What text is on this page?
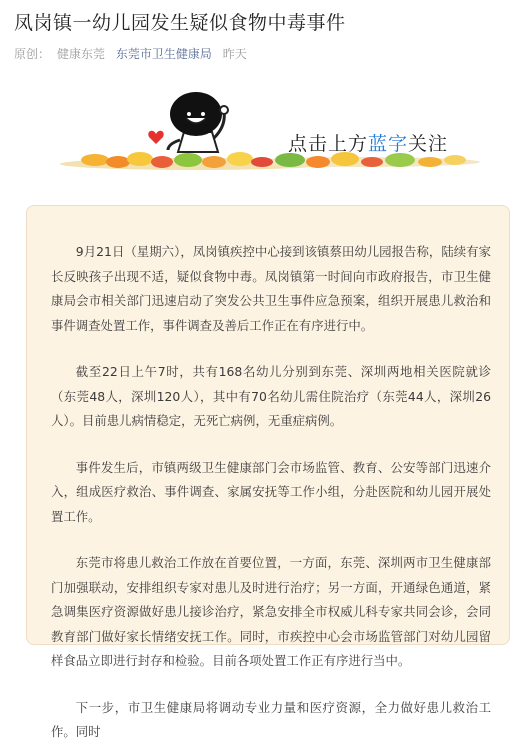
凤岗镇一幼儿园发生疑似食物中毒事件
原创： 健康东莞 东莞市卫生健康局 昨天
点击上方蓝字关注

9月21日（星期六），凤岗镇疾控中心接到该镇蔡田幼儿园报告称，陆续有家长反映孩子出现不适，疑似食物中毒。凤岗镇第一时间向市政府报告，市卫生健康局会市相关部门迅速启动了突发公共卫生事件应急预案，组织开展患儿救治和事件调查处置工作，事件调查及善后工作正在有序进行中。

截至22日上午7时，共有168名幼儿分别到东莞、深圳两地相关医院就诊（东莞48人，深圳120人），其中有70名幼儿需住院治疗（东莞44人，深圳26人）。目前患儿病情稳定，无死亡病例，无重症病例。

事件发生后，市镇两级卫生健康部门会市场监管、教育、公安等部门迅速介入，组成医疗救治、事件调查、家属安抚等工作小组，分赴医院和幼儿园开展处置工作。

东莞市将患儿救治工作放在首要位置，一方面，东莞、深圳两市卫生健康部门加强联动，安排组织专家对患儿及时进行治疗；另一方面，开通绿色通道，紧急调集医疗资源做好患儿接诊治疗，紧急安排全市权威儿科专家共同会诊，会同教育部门做好家长情绪安抚工作。同时，市疾控中心会市场监管部门对幼儿园留样食品立即进行封存和检验。目前各项处置工作正有序进行当中。

下一步，市卫生健康局将调动专业力量和医疗资源，全力做好患儿救治工作。同时
